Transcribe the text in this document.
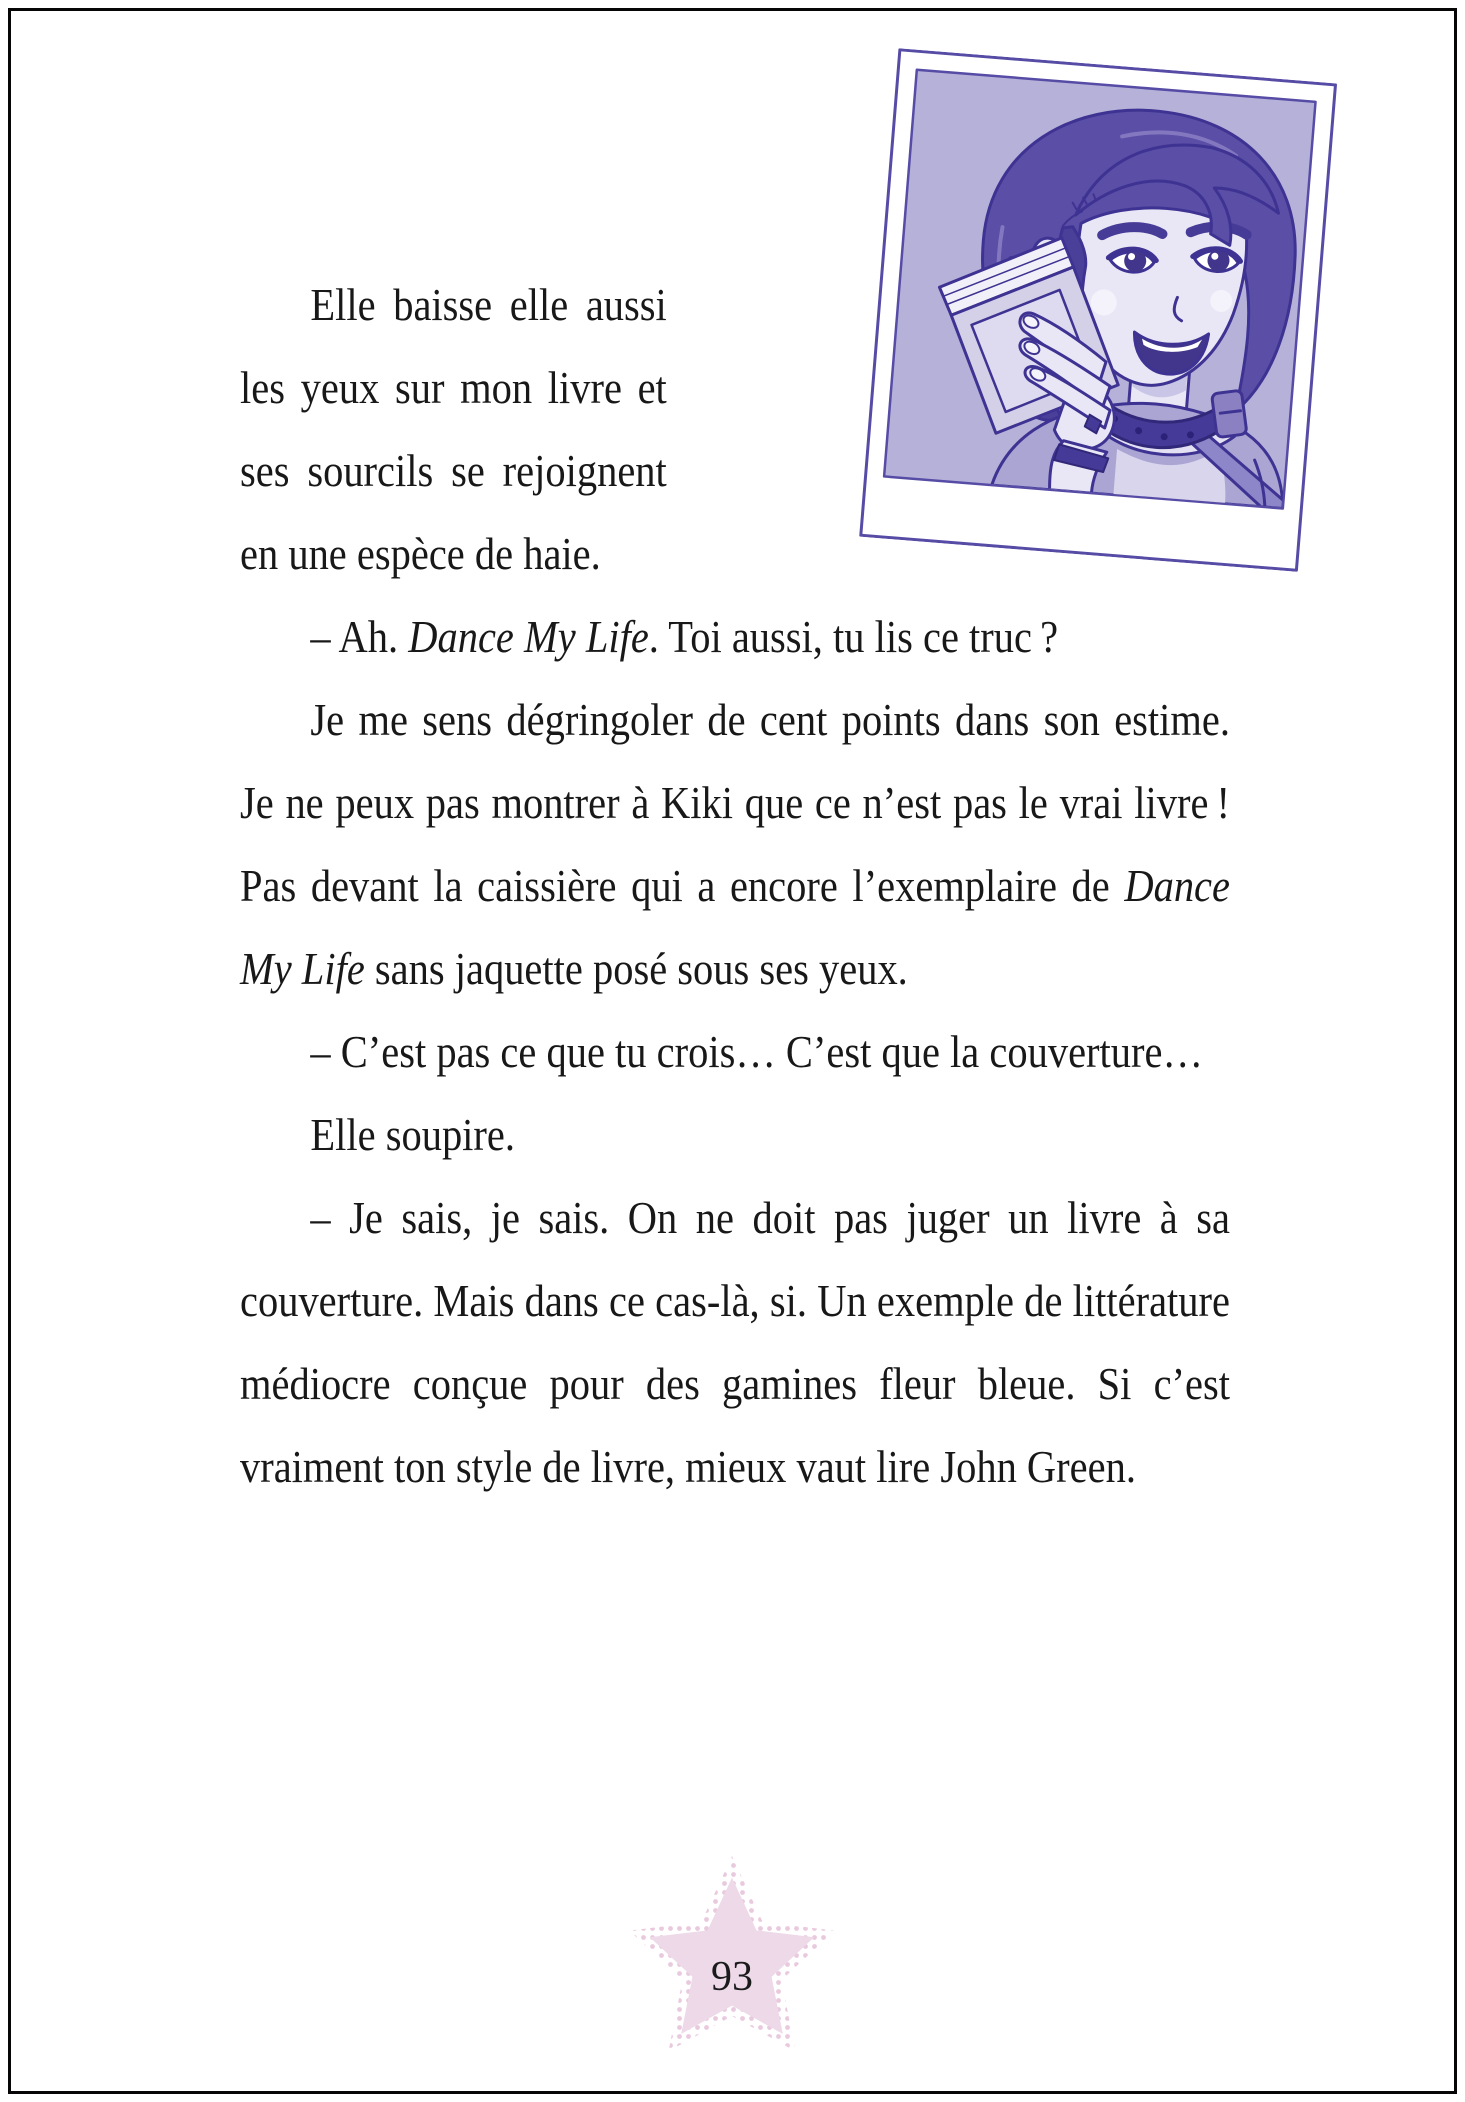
Elle baisse elle aussi les yeux sur mon livre et ses sourcils se rejoignent en une espèce de haie.

– Ah. Dance My Life. Toi aussi, tu lis ce truc ?

Je me sens dégringoler de cent points dans son estime. Je ne peux pas montrer à Kiki que ce n’est pas le vrai livre ! Pas devant la caissière qui a encore l’exemplaire de Dance My Life sans jaquette posé sous ses yeux.

– C’est pas ce que tu crois… C’est que la couverture…

Elle soupire.

– Je sais, je sais. On ne doit pas juger un livre à sa couverture. Mais dans ce cas-là, si. Un exemple de littérature médiocre conçue pour des gamines fleur bleue. Si c’est vraiment ton style de livre, mieux vaut lire John Green.

93
